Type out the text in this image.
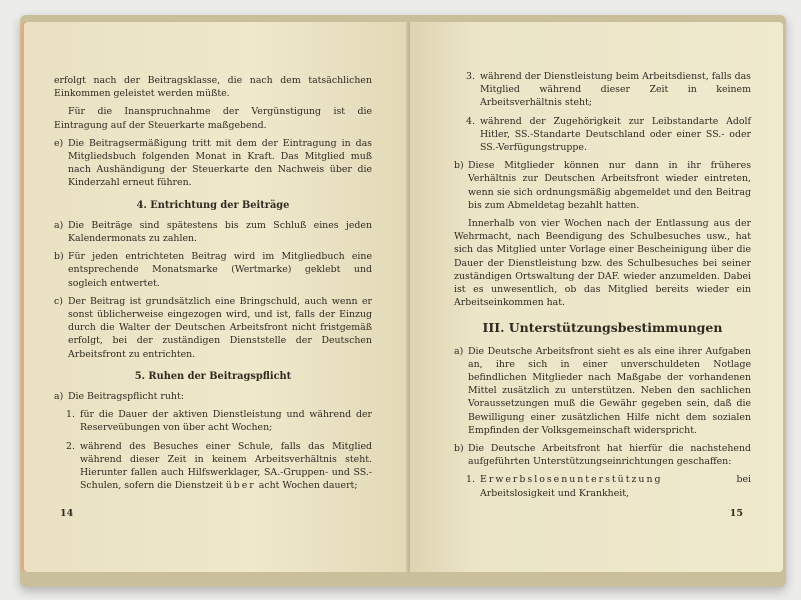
erfolgt nach der Beitragsklasse, die nach dem tatsächlichen Einkommen geleistet werden müßte.

Für die Inanspruchnahme der Vergünstigung ist die Eintragung auf der Steuerkarte maßgebend.

e) Die Beitragsermäßigung tritt mit dem der Eintragung in das Mitgliedsbuch folgenden Monat in Kraft. Das Mitglied muß nach Aushändigung der Steuerkarte den Nachweis über die Kinderzahl erneut führen.
4. Entrichtung der Beiträge
a) Die Beiträge sind spätestens bis zum Schluß eines jeden Kalendermonats zu zahlen.
b) Für jeden entrichteten Beitrag wird im Mitgliedbuch eine entsprechende Monatsmarke (Wertmarke) geklebt und sogleich entwertet.
c) Der Beitrag ist grundsätzlich eine Bringschuld, auch wenn er sonst üblicherweise eingezogen wird, und ist, falls der Einzug durch die Walter der Deutschen Arbeitsfront nicht fristgemäß erfolgt, bei der zuständigen Dienststelle der Deutschen Arbeitsfront zu entrichten.
5. Ruhen der Beitragspflicht
a) Die Beitragspflicht ruht:
1. für die Dauer der aktiven Dienstleistung und während der Reserveübungen von über acht Wochen;
2. während des Besuches einer Schule, falls das Mitglied während dieser Zeit in keinem Arbeitsverhältnis steht. Hierunter fallen auch Hilfswerklager, SA.-Gruppen- und SS.-Schulen, sofern die Dienstzeit über acht Wochen dauert;
14
3. während der Dienstleistung beim Arbeitsdienst, falls das Mitglied während dieser Zeit in keinem Arbeitsverhältnis steht;
4. während der Zugehörigkeit zur Leibstandarte Adolf Hitler, SS.-Standarte Deutschland oder einer SS.- oder SS.-Verfügungstruppe.
b) Diese Mitglieder können nur dann in ihr früheres Verhältnis zur Deutschen Arbeitsfront wieder eintreten, wenn sie sich ordnungsmäßig abgemeldet und den Beitrag bis zum Abmeldetag bezahlt hatten.

Innerhalb von vier Wochen nach der Entlassung aus der Wehrmacht, nach Beendigung des Schulbesuches usw., hat sich das Mitglied unter Vorlage einer Bescheinigung über die Dauer der Dienstleistung bzw. des Schulbesuches bei seiner zuständigen Ortswaltung der DAF. wieder anzumelden. Dabei ist es unwesentlich, ob das Mitglied bereits wieder ein Arbeitseinkommen hat.

III. Unterstützungsbestimmungen
a) Die Deutsche Arbeitsfront sieht es als eine ihrer Aufgaben an, ihre sich in einer unverschuldeten Notlage befindlichen Mitglieder nach Maßgabe der vorhandenen Mittel zusätzlich zu unterstützen. Neben den sachlichen Voraussetzungen muß die Gewähr gegeben sein, daß die Bewilligung einer zusätzlichen Hilfe nicht dem sozialen Empfinden der Volksgemeinschaft widerspricht.
b) Die Deutsche Arbeitsfront hat hierfür die nachstehend aufgeführten Unterstützungseinrichtungen geschaffen:
1. Erwerbslosenunterstützung	bei Arbeitslosigkeit und Krankheit,
15
